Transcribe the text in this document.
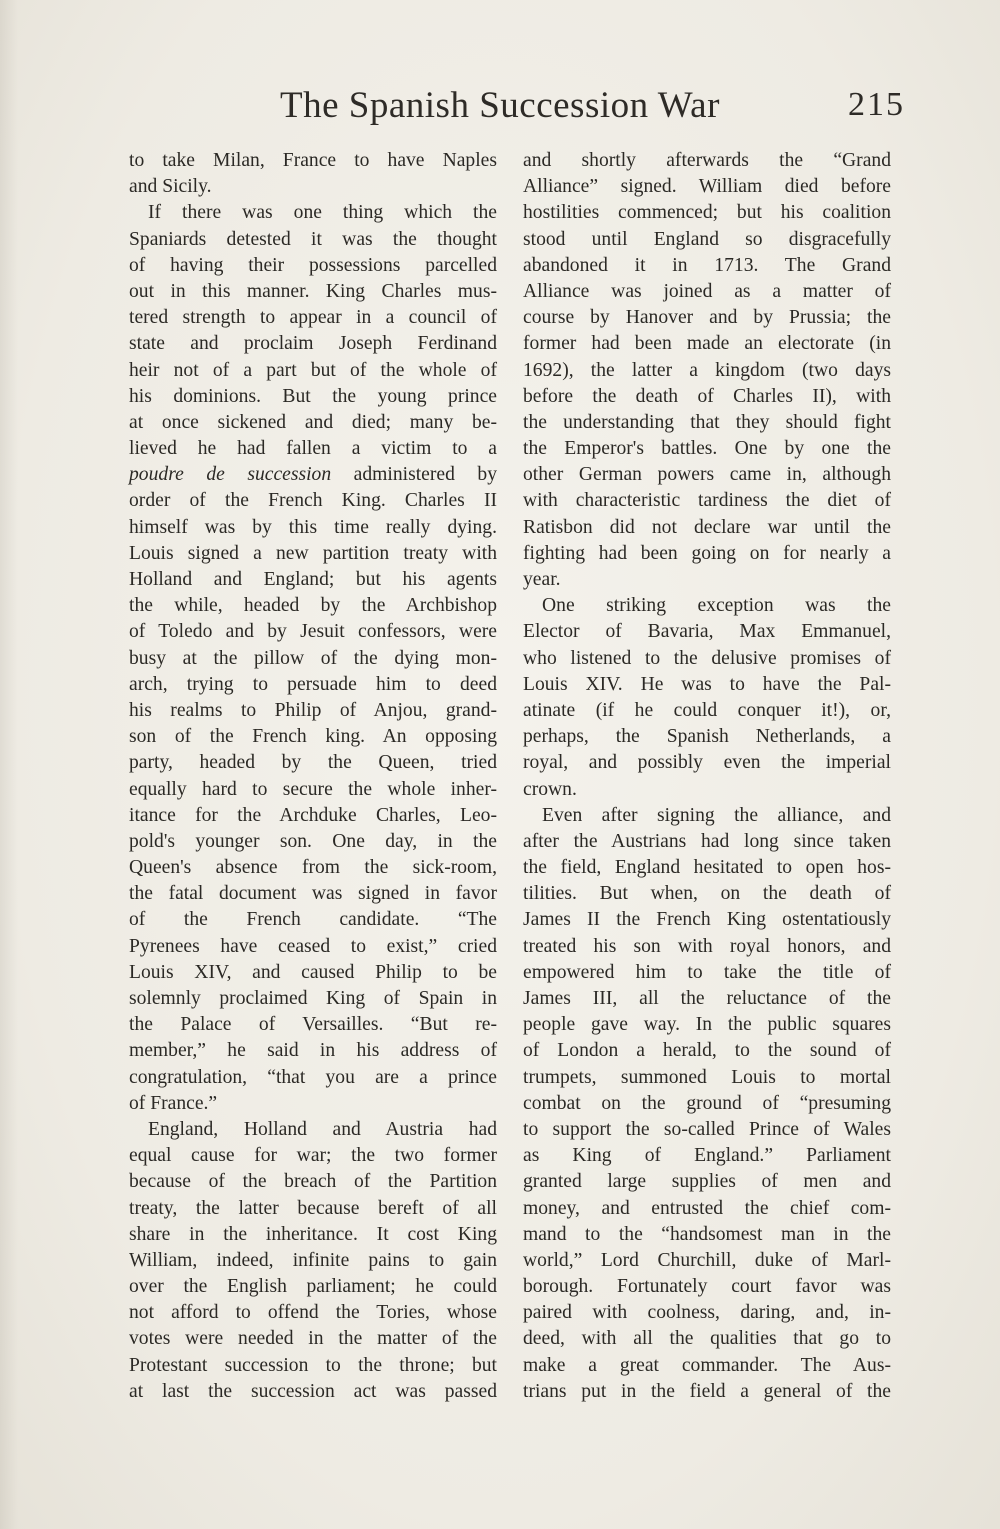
The Spanish Succession War	215
to take Milan, France to have Naples
and Sicily.
If there was one thing which the
Spaniards detested it was the thought
of having their possessions parcelled
out in this manner. King Charles mus-
tered strength to appear in a council of
state and proclaim Joseph Ferdinand
heir not of a part but of the whole of
his dominions. But the young prince
at once sickened and died; many be-
lieved he had fallen a victim to a
poudre de succession administered by
order of the French King. Charles II
himself was by this time really dying.
Louis signed a new partition treaty with
Holland and England; but his agents
the while, headed by the Archbishop
of Toledo and by Jesuit confessors, were
busy at the pillow of the dying mon-
arch, trying to persuade him to deed
his realms to Philip of Anjou, grand-
son of the French king. An opposing
party, headed by the Queen, tried
equally hard to secure the whole inher-
itance for the Archduke Charles, Leo-
pold's younger son. One day, in the
Queen's absence from the sick-room,
the fatal document was signed in favor
of the French candidate. “The
Pyrenees have ceased to exist,” cried
Louis XIV, and caused Philip to be
solemnly proclaimed King of Spain in
the Palace of Versailles. “But re-
member,” he said in his address of
congratulation, “that you are a prince
of France.”
England, Holland and Austria had
equal cause for war; the two former
because of the breach of the Partition
treaty, the latter because bereft of all
share in the inheritance. It cost King
William, indeed, infinite pains to gain
over the English parliament; he could
not afford to offend the Tories, whose
votes were needed in the matter of the
Protestant succession to the throne; but
at last the succession act was passed
and shortly afterwards the “Grand
Alliance” signed. William died before
hostilities commenced; but his coalition
stood until England so disgracefully
abandoned it in 1713. The Grand
Alliance was joined as a matter of
course by Hanover and by Prussia; the
former had been made an electorate (in
1692), the latter a kingdom (two days
before the death of Charles II), with
the understanding that they should fight
the Emperor's battles. One by one the
other German powers came in, although
with characteristic tardiness the diet of
Ratisbon did not declare war until the
fighting had been going on for nearly a
year.
One striking exception was the
Elector of Bavaria, Max Emmanuel,
who listened to the delusive promises of
Louis XIV. He was to have the Pal-
atinate (if he could conquer it!), or,
perhaps, the Spanish Netherlands, a
royal, and possibly even the imperial
crown.
Even after signing the alliance, and
after the Austrians had long since taken
the field, England hesitated to open hos-
tilities. But when, on the death of
James II the French King ostentatiously
treated his son with royal honors, and
empowered him to take the title of
James III, all the reluctance of the
people gave way. In the public squares
of London a herald, to the sound of
trumpets, summoned Louis to mortal
combat on the ground of “presuming
to support the so-called Prince of Wales
as King of England.” Parliament
granted large supplies of men and
money, and entrusted the chief com-
mand to the “handsomest man in the
world,” Lord Churchill, duke of Marl-
borough. Fortunately court favor was
paired with coolness, daring, and, in-
deed, with all the qualities that go to
make a great commander. The Aus-
trians put in the field a general of the
